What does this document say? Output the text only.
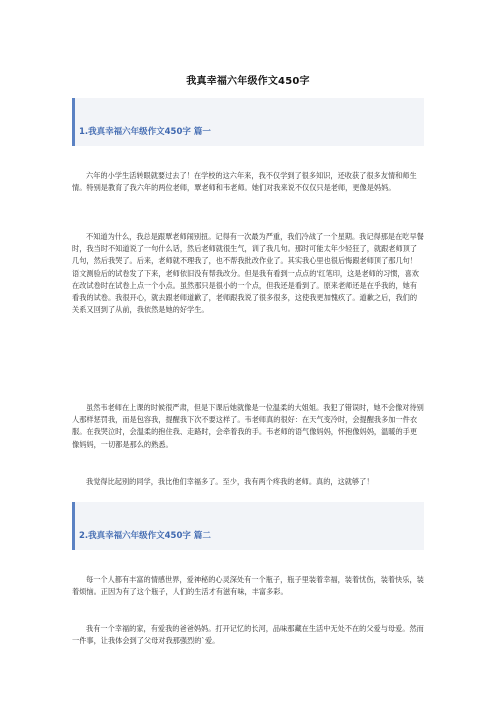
我真幸福六年级作文450字
1.我真幸福六年级作文450字 篇一

六年的小学生活转眼就要过去了！在学校的这六年来，我不仅学到了很多知识，还收获了很多友情和师生情。特别是教育了我六年的两位老师，覃老师和韦老师。她们对我来说不仅仅只是老师，更像是妈妈。

不知道为什么，我总是跟覃老师闹别扭。记得有一次最为严重，我们冷战了一个星期。我记得那是在吃早餐时，我当时不知道说了一句什么话，然后老师就很生气，训了我几句。那时可能太年少轻狂了，就跟老师顶了几句，然后我哭了。后来，老师就不理我了，也不帮我批改作业了。其实我心里也很后悔跟老师顶了那几句！语文测验后的试卷发了下来，老师依旧没有帮我改分。但是我有看到一点点的'红笔印，这是老师的习惯，喜欢在改试卷时在试卷上点一个小点。虽然那只是很小的一个点，但我还是看到了。原来老师还是在乎我的，她有看我的试卷。我很开心，就去跟老师道歉了，老师跟我说了很多很多，这使我更加愧疚了。道歉之后，我们的关系又回到了从前，我依然是她的好学生。

虽然韦老师在上课的时候很严肃，但是下课后她就像是一位温柔的大姐姐。我犯了错误时，她不会像对待别人那样惩罚我，而是包容我，提醒我下次不要这样了。韦老师真的很好：在天气变冷时，会提醒我多加一件衣服。在我哭泣时，会温柔的抱住我、走路时，会牵着我的手。韦老师的语气像妈妈，怀抱像妈妈，温暖的手更像妈妈，一切都是那么的熟悉。

我觉得比起别的同学，我比他们幸福多了。至少，我有两个疼我的老师。真的，这就够了！

2.我真幸福六年级作文450字 篇二

每一个人都有丰富的情感世界，爱神秘的心灵深处有一个瓶子，瓶子里装着幸福，装着忧伤，装着快乐，装着烦恼。正因为有了这个瓶子，人们的生活才有滋有味，丰富多彩。

我有一个幸福的家，有爱我的爸爸妈妈。打开记忆的长河，品味那藏在生活中无处不在的父爱与母爱。然而一件事，让我体会到了父母对我那强烈的`爱。
